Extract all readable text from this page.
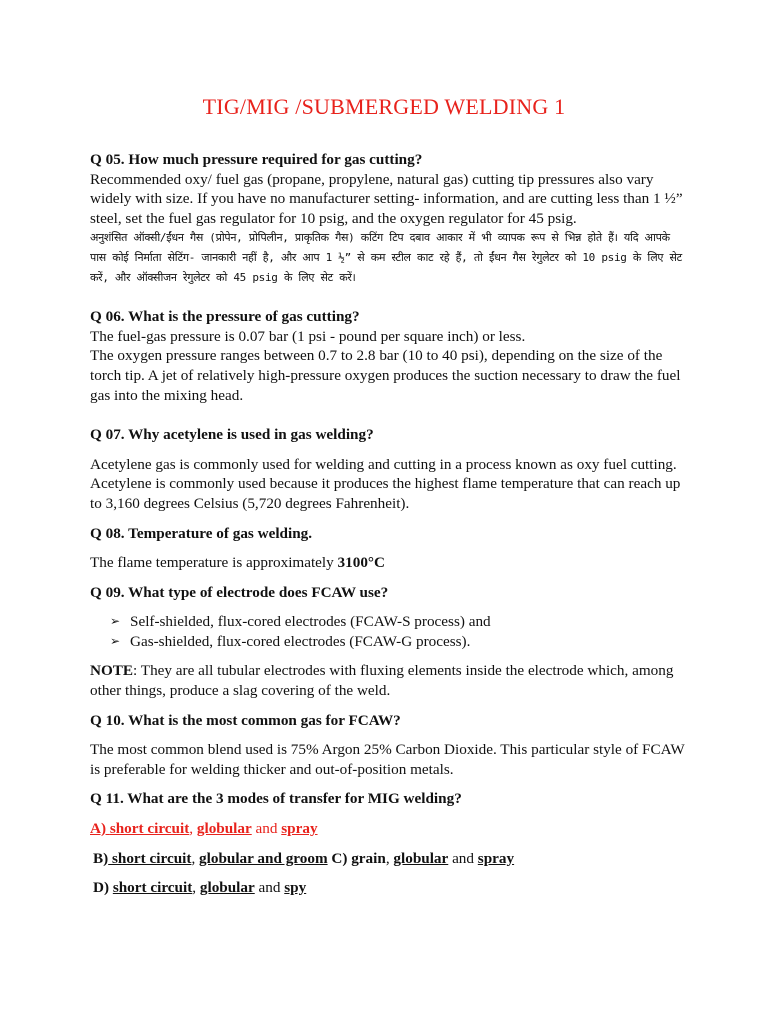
TIG/MIG /SUBMERGED WELDING 1

Q 05. How much pressure required for gas cutting?

Recommended oxy/ fuel gas (propane, propylene, natural gas) cutting tip pressures also vary widely with size. If you have no manufacturer setting- information, and are cutting less than 1 ½” steel, set the fuel gas regulator for 10 psig, and the oxygen regulator for 45 psig.

अनुशंसित ऑक्सी/ईंधन गैस (प्रोपेन, प्रोपिलीन, प्राकृतिक गैस) कटिंग टिप दबाव आकार में भी व्यापक रूप से भिन्न होते हैं। यदि आपके पास कोई निर्माता सेटिंग- जानकारी नहीं है, और आप 1 ½” से कम स्टील काट रहे हैं, तो ईंधन गैस रेगुलेटर को 10 psig के लिए सेट करें, और ऑक्सीजन रेगुलेटर को 45 psig के लिए सेट करें।

Q 06. What is the pressure of gas cutting?

The fuel-gas pressure is 0.07 bar (1 psi - pound per square inch) or less.

The oxygen pressure ranges between 0.7 to 2.8 bar (10 to 40 psi), depending on the size of the torch tip. A jet of relatively high-pressure oxygen produces the suction necessary to draw the fuel gas into the mixing head.

Q 07. Why acetylene is used in gas welding?

Acetylene gas is commonly used for welding and cutting in a process known as oxy fuel cutting. Acetylene is commonly used because it produces the highest flame temperature that can reach up to 3,160 degrees Celsius (5,720 degrees Fahrenheit).

Q 08. Temperature of gas welding.

The flame temperature is approximately 3100°C

Q 09. What type of electrode does FCAW use?

➢ Self-shielded, flux-cored electrodes (FCAW-S process) and
➢ Gas-shielded, flux-cored electrodes (FCAW-G process).

NOTE: They are all tubular electrodes with fluxing elements inside the electrode which, among other things, produce a slag covering of the weld.

Q 10. What is the most common gas for FCAW?

The most common blend used is 75% Argon 25% Carbon Dioxide. This particular style of FCAW is preferable for welding thicker and out-of-position metals.

Q 11. What are the 3 modes of transfer for MIG welding?

A) short circuit, globular and spray

B) short circuit, globular and groom C) grain, globular and spray

D) short circuit, globular and spy
